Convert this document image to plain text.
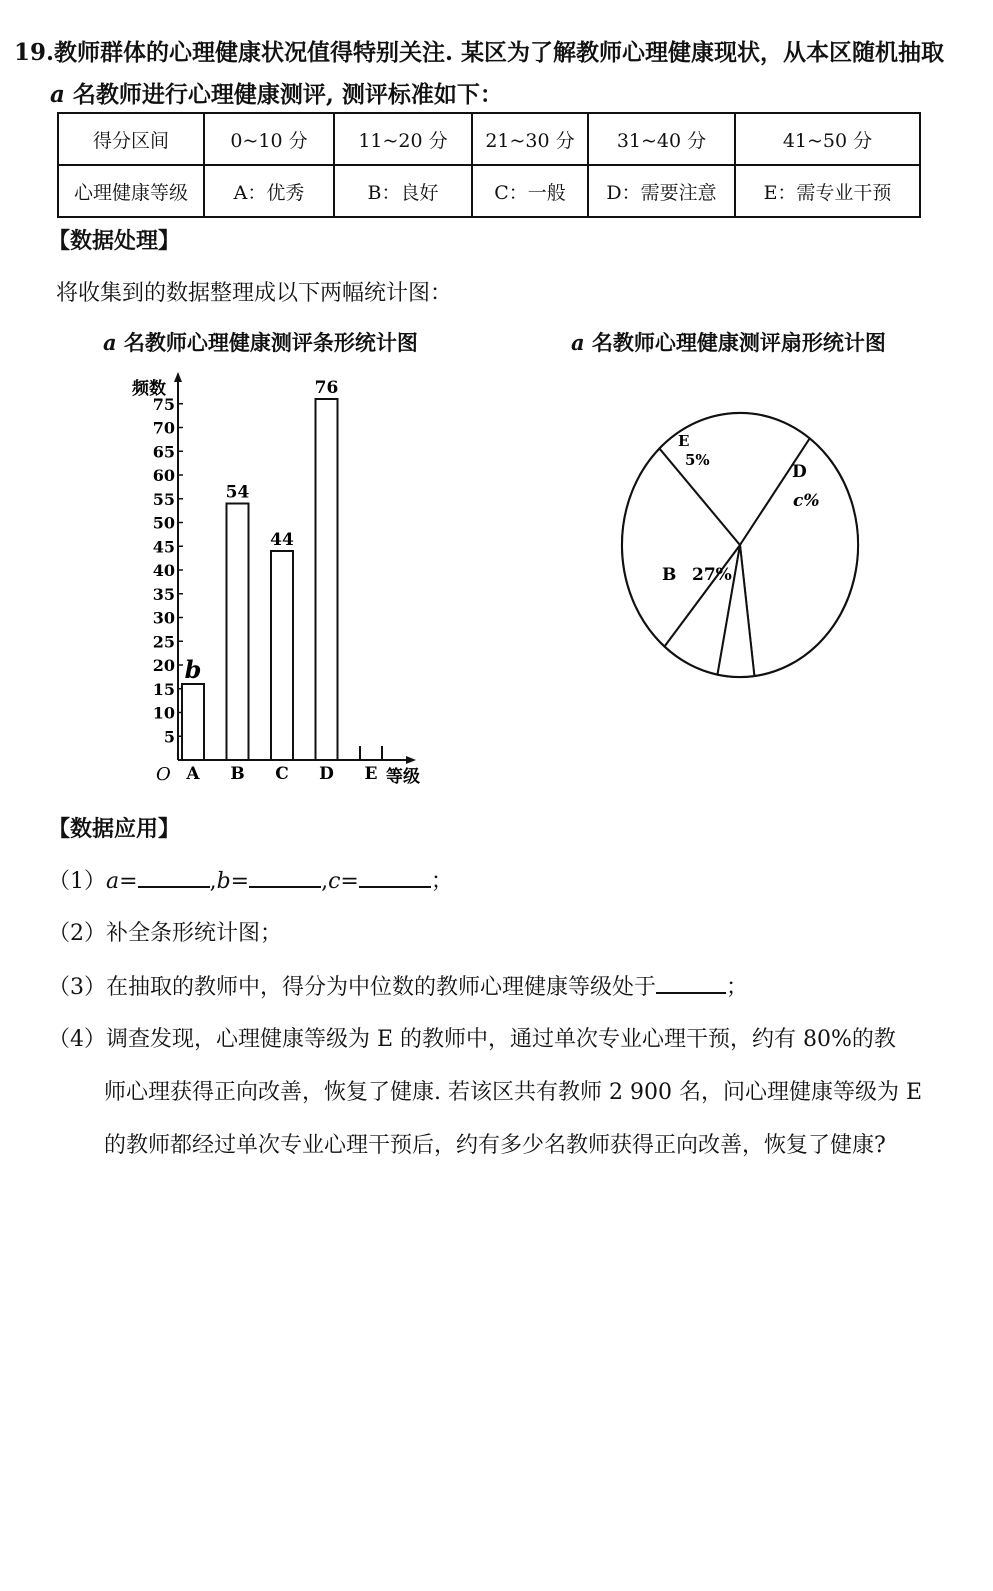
19.教师群体的心理健康状况值得特别关注. 某区为了解教师心理健康现状，从本区随机抽取
a 名教师进行心理健康测评, 测评标准如下：
得分区间	0~10 分	11~20 分	21~30 分	31~40 分	41~50 分
心理健康等级	A：优秀	B：良好	C：一般	D：需要注意	E：需专业干预
【数据处理】
将收集到的数据整理成以下两幅统计图：
a 名教师心理健康测评条形统计图	a 名教师心理健康测评扇形统计图
5
10
15
20
25
30
35
40
45
50
55
60
65
70
75
b
A
54
B
44
C
76
D E
频数
等级
O
B 27%
D
c%
E
5%
【数据应用】
（1）a=	,b=	,c=	；
（2）补全条形统计图；
（3）在抽取的教师中，得分为中位数的教师心理健康等级处于	；
（4）调查发现，心理健康等级为 E 的教师中，通过单次专业心理干预，约有 80%的教
师心理获得正向改善，恢复了健康. 若该区共有教师 2 900 名，问心理健康等级为 E
的教师都经过单次专业心理干预后，约有多少名教师获得正向改善，恢复了健康?
